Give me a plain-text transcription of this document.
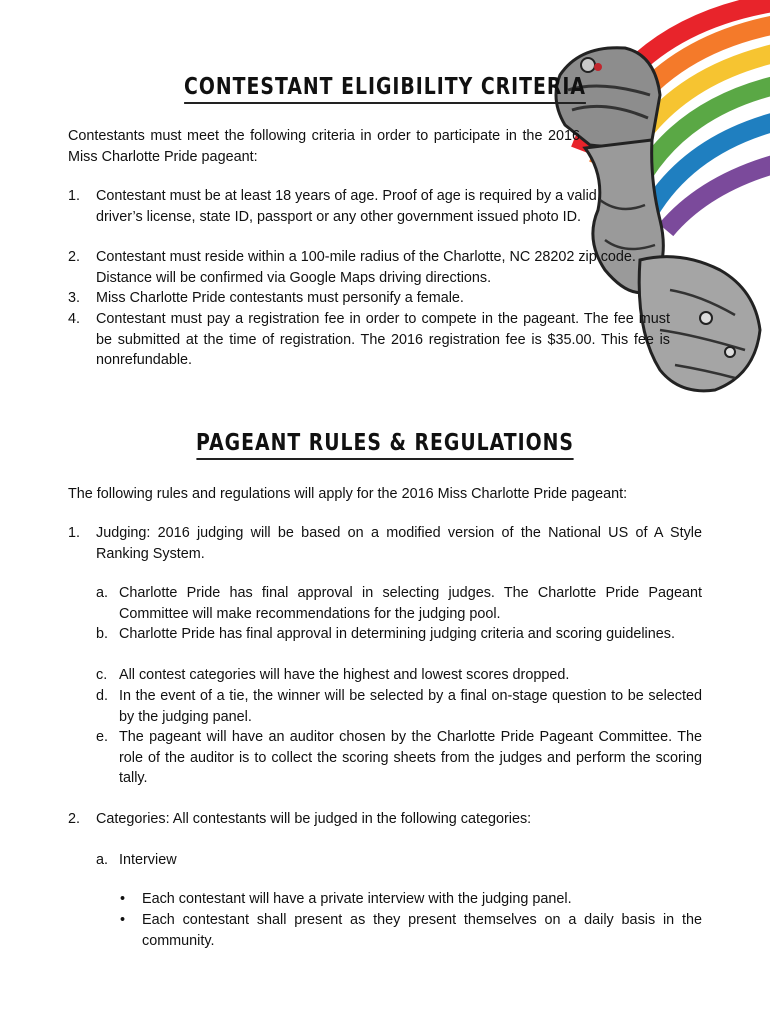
CONTESTANT ELIGIBILITY CRITERIA
Contestants must meet the following criteria in order to participate in the 2016 Miss Charlotte Pride pageant:
1. Contestant must be at least 18 years of age. Proof of age is required by a valid driver’s license, state ID, passport or any other government issued photo ID.
2. Contestant must reside within a 100-mile radius of the Charlotte, NC 28202 zip code. Distance will be confirmed via Google Maps driving directions.
3. Miss Charlotte Pride contestants must personify a female.
4. Contestant must pay a registration fee in order to compete in the pageant. The fee must be submitted at the time of registration. The 2016 registration fee is $35.00. This fee is nonrefundable.
PAGEANT RULES & REGULATIONS
The following rules and regulations will apply for the 2016 Miss Charlotte Pride pageant:
1. Judging: 2016 judging will be based on a modified version of the National US of A Style Ranking System.
a. Charlotte Pride has final approval in selecting judges. The Charlotte Pride Pageant Committee will make recommendations for the judging pool.
b. Charlotte Pride has final approval in determining judging criteria and scoring guidelines.
c. All contest categories will have the highest and lowest scores dropped.
d. In the event of a tie, the winner will be selected by a final on-stage question to be selected by the judging panel.
e. The pageant will have an auditor chosen by the Charlotte Pride Pageant Committee. The role of the auditor is to collect the scoring sheets from the judges and perform the scoring tally.
2. Categories: All contestants will be judged in the following categories:
a. Interview
• Each contestant will have a private interview with the judging panel.
• Each contestant shall present as they present themselves on a daily basis in the community.
